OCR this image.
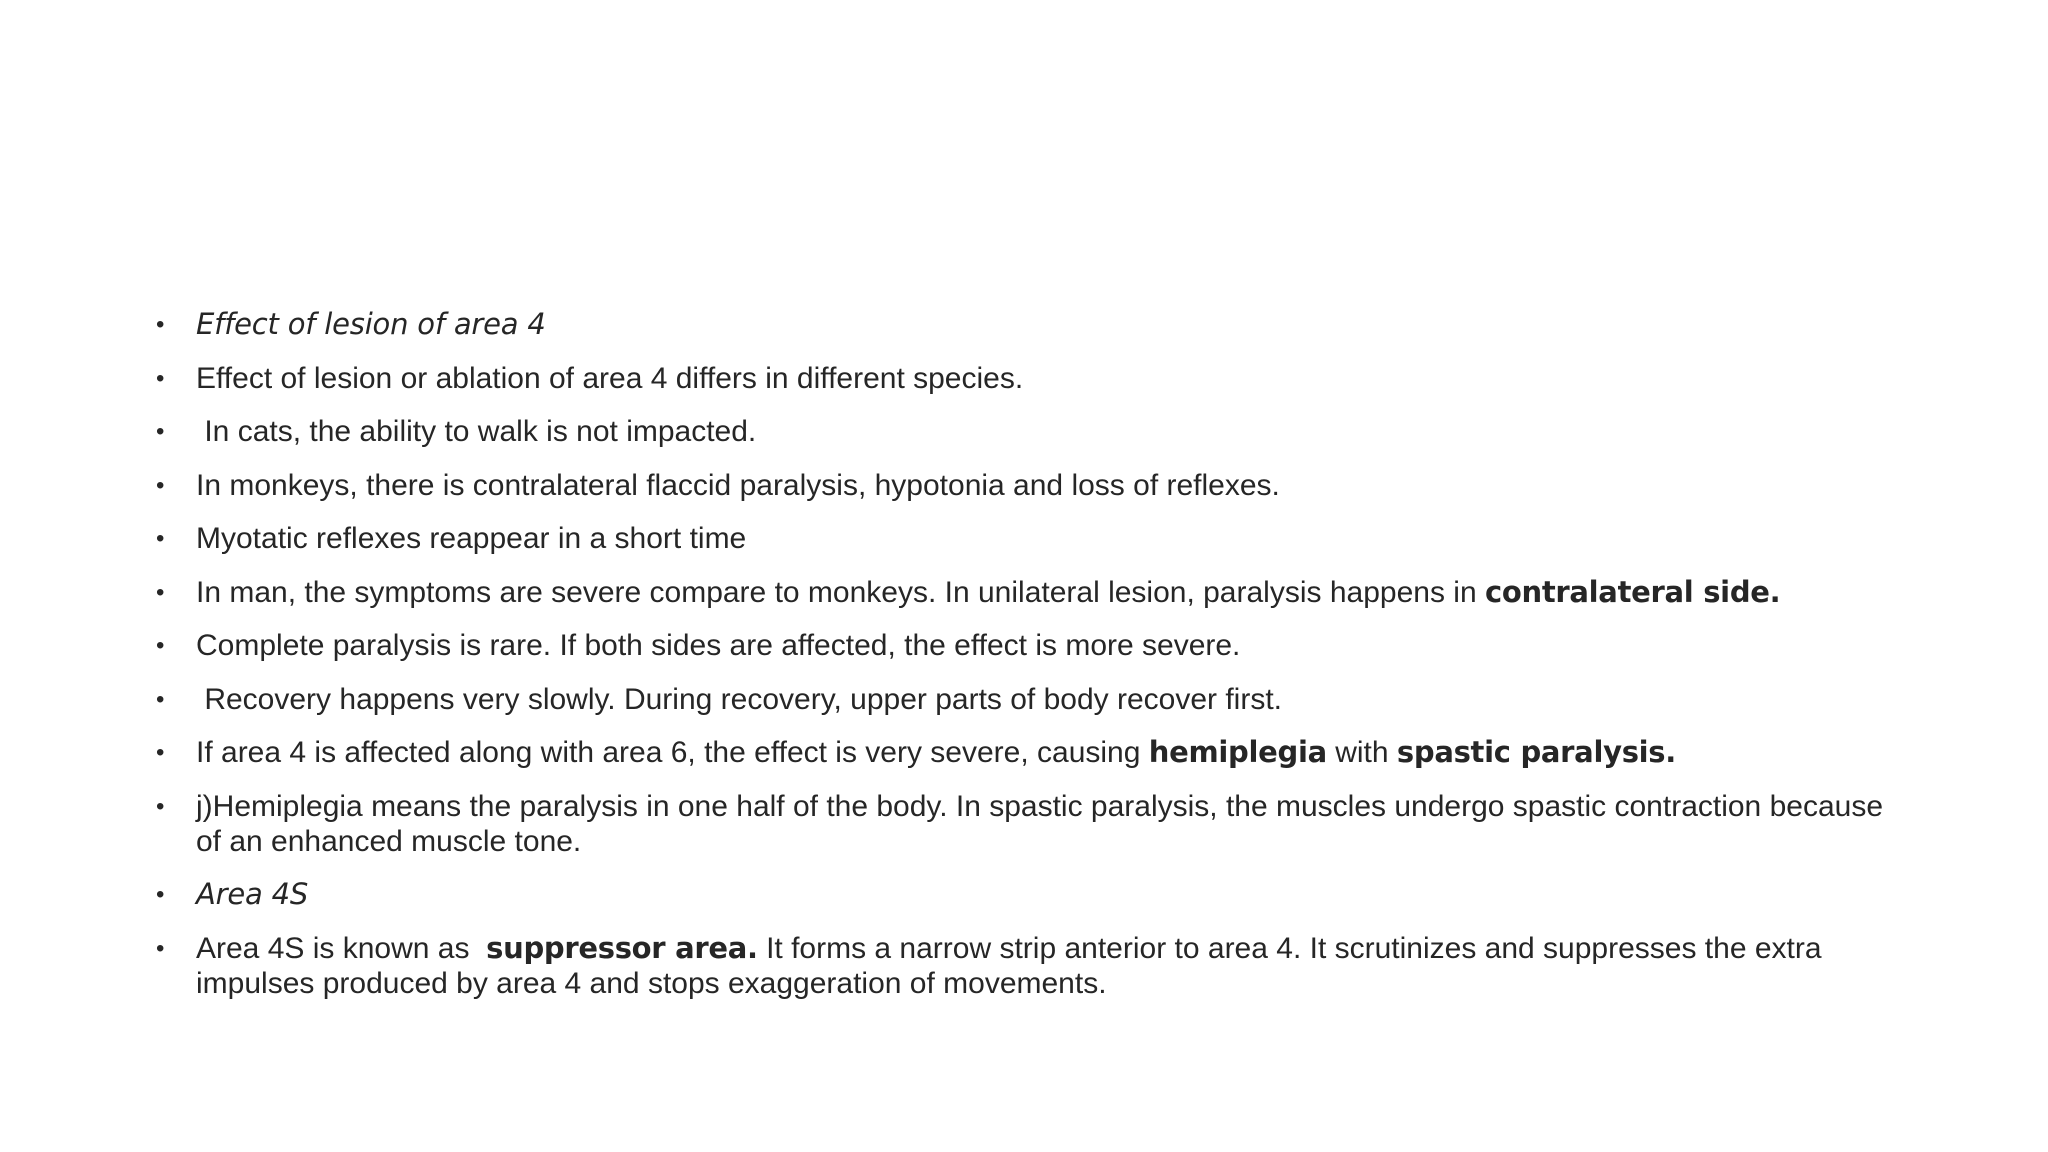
• Effect of lesion of area 4
• Effect of lesion or ablation of area 4 differs in different species.
• In cats, the ability to walk is not impacted.
• In monkeys, there is contralateral flaccid paralysis, hypotonia and loss of reflexes.
• Myotatic reflexes reappear in a short time
• In man, the symptoms are severe compare to monkeys. In unilateral lesion, paralysis happens in contralateral side.
• Complete paralysis is rare. If both sides are affected, the effect is more severe.
• Recovery happens very slowly. During recovery, upper parts of body recover first.
• If area 4 is affected along with area 6, the effect is very severe, causing hemiplegia with spastic paralysis.
• j)Hemiplegia means the paralysis in one half of the body. In spastic paralysis, the muscles undergo spastic contraction because of an enhanced muscle tone.
• Area 4S
• Area 4S is known as  suppressor area. It forms a narrow strip anterior to area 4. It scrutinizes and suppresses the extra impulses produced by area 4 and stops exaggeration of movements.
